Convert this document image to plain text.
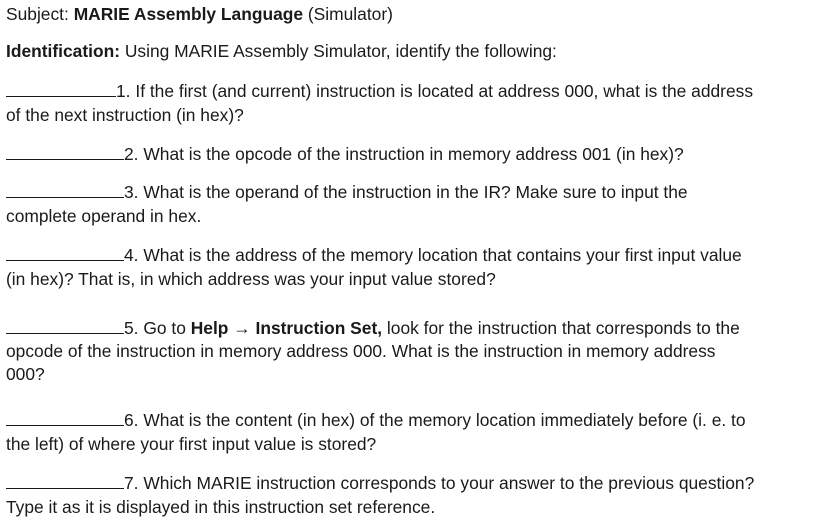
Subject: MARIE Assembly Language (Simulator)
Identification: Using MARIE Assembly Simulator, identify the following:
1. If the first (and current) instruction is located at address 000, what is the address
of the next instruction (in hex)?
2. What is the opcode of the instruction in memory address 001 (in hex)?
3. What is the operand of the instruction in the IR? Make sure to input the
complete operand in hex.
4. What is the address of the memory location that contains your first input value
(in hex)? That is, in which address was your input value stored?
5. Go to Help → Instruction Set, look for the instruction that corresponds to the
opcode of the instruction in memory address 000. What is the instruction in memory address
000?
6. What is the content (in hex) of the memory location immediately before (i. e. to
the left) of where your first input value is stored?
7. Which MARIE instruction corresponds to your answer to the previous question?
Type it as it is displayed in this instruction set reference.
